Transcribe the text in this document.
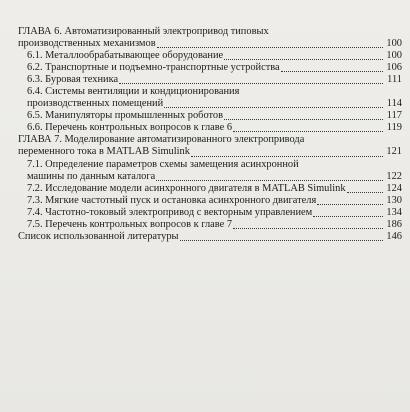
ГЛАВА 6. Автоматизированный электропривод типовых
производственных механизмов	100
6.1. Металлообрабатывающее оборудование	100
6.2. Транспортные и подъемно-транспортные устройства	106
6.3. Буровая техника	111
6.4. Системы вентиляции и кондиционирования
производственных помещений	114
6.5. Манипуляторы промышленных роботов	117
6.6. Перечень контрольных вопросов к главе 6	119
ГЛАВА 7. Моделирование автоматизированного электропривода
переменного тока в MATLAB Simulink	121
7.1. Определение параметров схемы замещения асинхронной
машины по данным каталога	122
7.2. Исследование модели асинхронного двигателя в MATLAB Simulink	124
7.3. Мягкие частотный пуск и остановка асинхронного двигателя	130
7.4. Частотно-токовый электропривод с векторным управлением	134
7.5. Перечень контрольных вопросов к главе 7	186
Список использованной литературы	146
